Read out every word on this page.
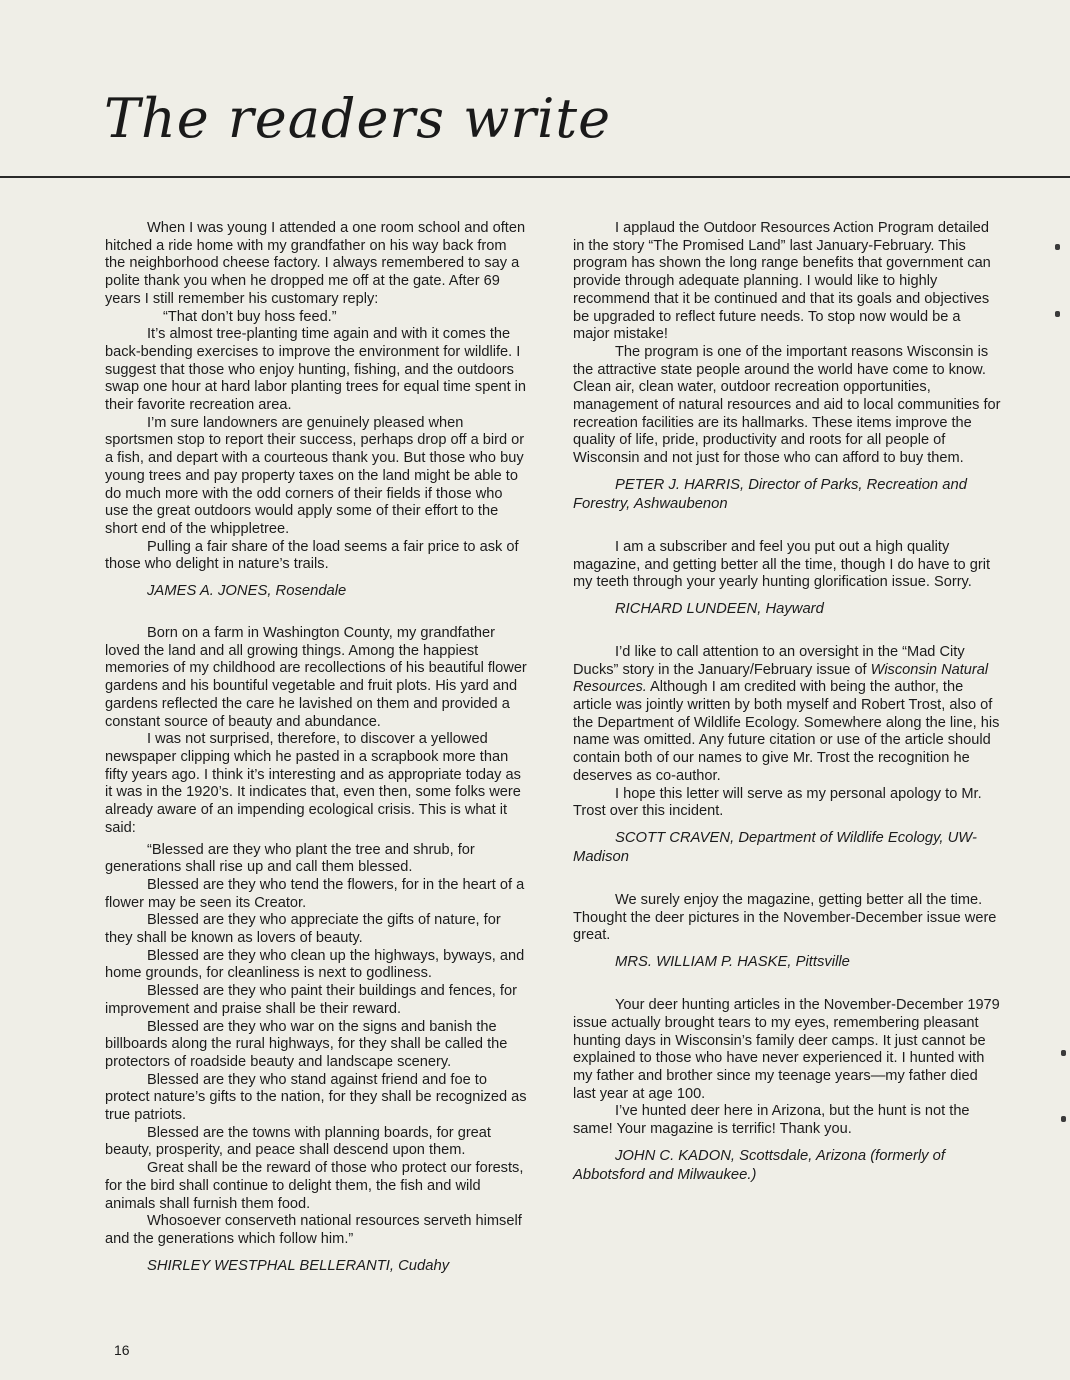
The readers write

When I was young I attended a one room school and often hitched a ride home with my grandfather on his way back from the neighborhood cheese factory. I always remembered to say a polite thank you when he dropped me off at the gate. After 69 years I still remember his customary reply:

“That don’t buy hoss feed.”

It’s almost tree-planting time again and with it comes the back-bending exercises to improve the environment for wildlife. I suggest that those who enjoy hunting, fishing, and the outdoors swap one hour at hard labor planting trees for equal time spent in their favorite recreation area.

I’m sure landowners are genuinely pleased when sportsmen stop to report their success, perhaps drop off a bird or a fish, and depart with a courteous thank you. But those who buy young trees and pay property taxes on the land might be able to do much more with the odd corners of their fields if those who use the great outdoors would apply some of their effort to the short end of the whippletree.

Pulling a fair share of the load seems a fair price to ask of those who delight in nature’s trails.

JAMES A. JONES, Rosendale

Born on a farm in Washington County, my grandfather loved the land and all growing things. Among the happiest memories of my childhood are recollections of his beautiful flower gardens and his bountiful vegetable and fruit plots. His yard and gardens reflected the care he lavished on them and provided a constant source of beauty and abundance.

I was not surprised, therefore, to discover a yellowed newspaper clipping which he pasted in a scrapbook more than fifty years ago. I think it’s interesting and as appropriate today as it was in the 1920’s. It indicates that, even then, some folks were already aware of an impending ecological crisis. This is what it said:

“Blessed are they who plant the tree and shrub, for generations shall rise up and call them blessed.

Blessed are they who tend the flowers, for in the heart of a flower may be seen its Creator.

Blessed are they who appreciate the gifts of nature, for they shall be known as lovers of beauty.

Blessed are they who clean up the highways, byways, and home grounds, for cleanliness is next to godliness.

Blessed are they who paint their buildings and fences, for improvement and praise shall be their reward.

Blessed are they who war on the signs and banish the billboards along the rural highways, for they shall be called the protectors of roadside beauty and landscape scenery.

Blessed are they who stand against friend and foe to protect nature’s gifts to the nation, for they shall be recognized as true patriots.

Blessed are the towns with planning boards, for great beauty, prosperity, and peace shall descend upon them.

Great shall be the reward of those who protect our forests, for the bird shall continue to delight them, the fish and wild animals shall furnish them food.

Whosoever conserveth national resources serveth himself and the generations which follow him.”

SHIRLEY WESTPHAL BELLERANTI, Cudahy

I applaud the Outdoor Resources Action Program detailed in the story “The Promised Land” last January-February. This program has shown the long range benefits that government can provide through adequate planning. I would like to highly recommend that it be continued and that its goals and objectives be upgraded to reflect future needs. To stop now would be a major mistake!

The program is one of the important reasons Wisconsin is the attractive state people around the world have come to know. Clean air, clean water, outdoor recreation opportunities, management of natural resources and aid to local communities for recreation facilities are its hallmarks. These items improve the quality of life, pride, productivity and roots for all people of Wisconsin and not just for those who can afford to buy them.

PETER J. HARRIS, Director of Parks, Recreation and Forestry, Ashwaubenon

I am a subscriber and feel you put out a high quality magazine, and getting better all the time, though I do have to grit my teeth through your yearly hunting glorification issue. Sorry.

RICHARD LUNDEEN, Hayward

I’d like to call attention to an oversight in the “Mad City Ducks” story in the January/February issue of Wisconsin Natural Resources. Although I am credited with being the author, the article was jointly written by both myself and Robert Trost, also of the Department of Wildlife Ecology. Somewhere along the line, his name was omitted. Any future citation or use of the article should contain both of our names to give Mr. Trost the recognition he deserves as co-author.

I hope this letter will serve as my personal apology to Mr. Trost over this incident.

SCOTT CRAVEN, Department of Wildlife Ecology, UW-Madison

We surely enjoy the magazine, getting better all the time. Thought the deer pictures in the November-December issue were great.

MRS. WILLIAM P. HASKE, Pittsville

Your deer hunting articles in the November-December 1979 issue actually brought tears to my eyes, remembering pleasant hunting days in Wisconsin’s family deer camps. It just cannot be explained to those who have never experienced it. I hunted with my father and brother since my teenage years—my father died last year at age 100.

I’ve hunted deer here in Arizona, but the hunt is not the same! Your magazine is terrific! Thank you.

JOHN C. KADON, Scottsdale, Arizona (formerly of Abbotsford and Milwaukee.)
16
